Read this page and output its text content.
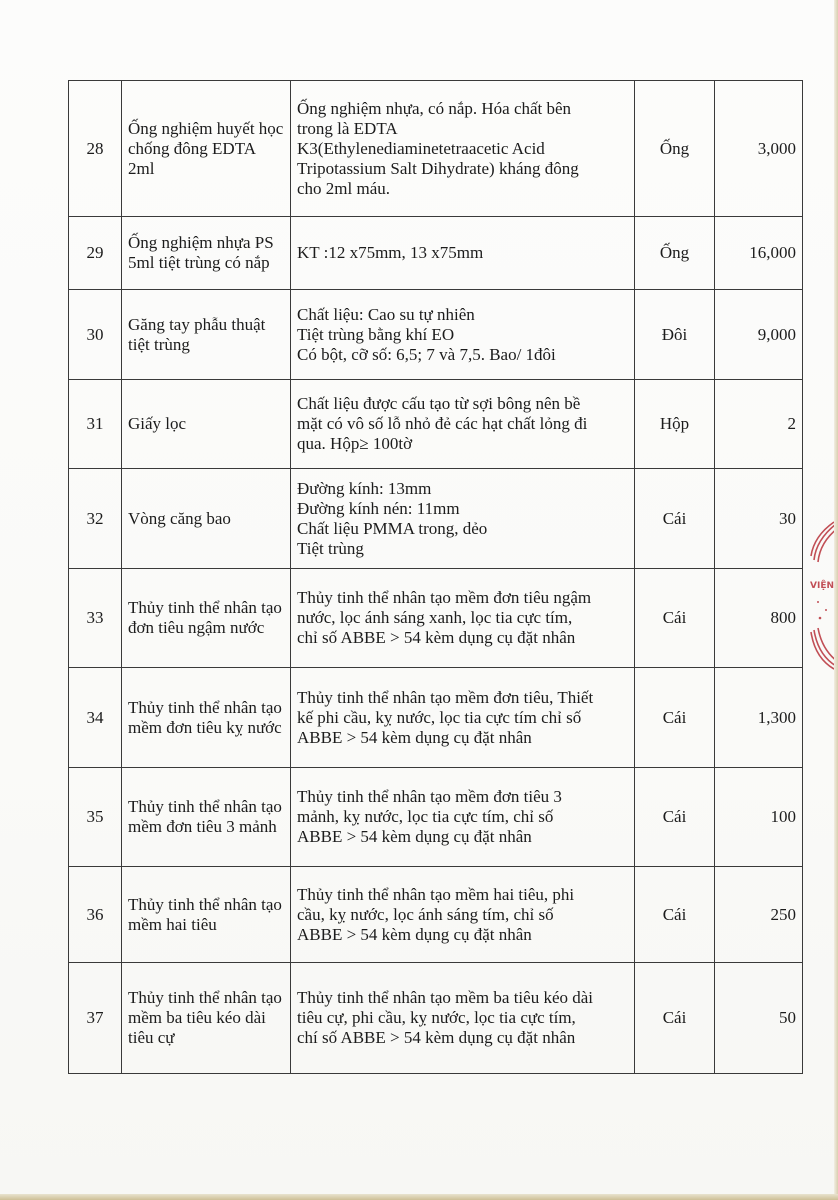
28	Ống nghiệm huyết học chống đông EDTA 2ml	Ống nghiệm nhựa, có nắp. Hóa chất bên
trong là EDTA
K3(Ethylenediaminetetraacetic Acid
Tripotassium Salt Dihydrate) kháng đông
cho 2ml máu.	Ống	3,000
29	Ống nghiệm nhựa PS 5ml tiệt trùng có nắp	KT :12 x75mm, 13 x75mm	Ống	16,000
30	Găng tay phẫu thuật tiệt trùng	Chất liệu: Cao su tự nhiên
Tiệt trùng bằng khí EO
Có bột, cỡ số: 6,5; 7 và 7,5. Bao/ 1đôi	Đôi	9,000
31	Giấy lọc	Chất liệu được cấu tạo từ sợi bông nên bề
mặt có vô số lỗ nhỏ đẻ các hạt chất lỏng đi
qua. Hộp≥ 100tờ	Hộp	2
32	Vòng căng bao	Đường kính: 13mm
Đường kính nén: 11mm
Chất liệu PMMA trong, dẻo
Tiệt trùng	Cái	30
33	Thủy tinh thể nhân tạo đơn tiêu ngậm nước	Thủy tinh thể nhân tạo mềm đơn tiêu ngậm
nước, lọc ánh sáng xanh, lọc tia cực tím,
chỉ số ABBE > 54 kèm dụng cụ đặt nhân	Cái	800
34	Thủy tinh thể nhân tạo mềm đơn tiêu kỵ nước	Thủy tinh thể nhân tạo mềm đơn tiêu, Thiết
kế phi cầu, kỵ nước, lọc tia cực tím chỉ số
ABBE > 54 kèm dụng cụ đặt nhân	Cái	1,300
35	Thủy tinh thể nhân tạo mềm đơn tiêu 3 mảnh	Thủy tinh thể nhân tạo mềm đơn tiêu 3
mảnh, kỵ nước, lọc tia cực tím, chỉ số
ABBE > 54 kèm dụng cụ đặt nhân	Cái	100
36	Thủy tinh thể nhân tạo mềm hai tiêu	Thủy tinh thể nhân tạo mềm hai tiêu, phi
cầu, kỵ nước, lọc ánh sáng tím, chỉ số
ABBE > 54 kèm dụng cụ đặt nhân	Cái	250
37	Thủy tinh thể nhân tạo mềm ba tiêu kéo dài tiêu cự	Thủy tinh thể nhân tạo mềm ba tiêu kéo dài
tiêu cự, phi cầu, kỵ nước, lọc tia cực tím,
chí số ABBE > 54 kèm dụng cụ đặt nhân	Cái	50
VIỆN
